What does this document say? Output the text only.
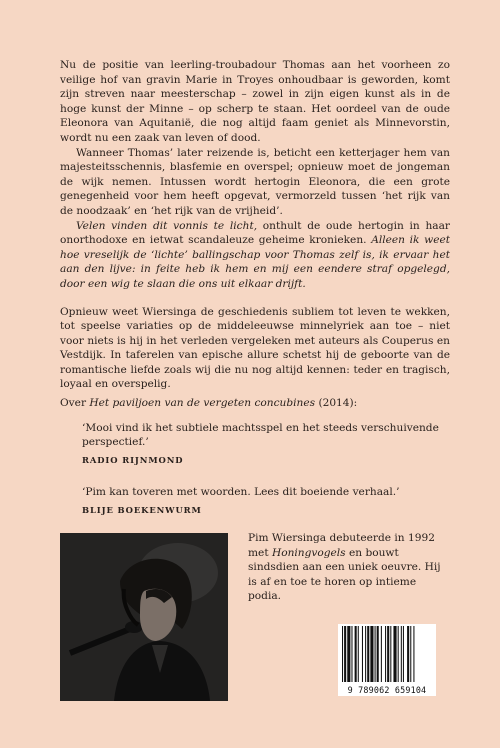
Nu de positie van leerling-troubadour Thomas aan het voorheen zo veilige hof van gravin Marie in Troyes onhoudbaar is geworden, komt zijn streven naar meesterschap – zowel in zijn eigen kunst als in de hoge kunst der Minne – op scherp te staan. Het oordeel van de oude Eleonora van Aquitanië, die nog altijd faam geniet als Minnevorstin, wordt nu een zaak van leven of dood.

Wanneer Thomas’ later reizende is, beticht een ketterjager hem van majesteitsschennis, blasfemie en overspel; opnieuw moet de jongeman de wijk nemen. Intussen wordt hertogin Eleonora, die een grote genegenheid voor hem heeft opgevat, vermorzeld tussen ‘het rijk van de noodzaak’ en ‘het rijk van de vrijheid’.

Velen vinden dit vonnis te licht, onthult de oude hertogin in haar onorthodoxe en ietwat scandaleuze geheime kronieken. Alleen ik weet hoe vreselijk de ‘lichte’ ballingschap voor Thomas zelf is, ik ervaar het aan den lijve: in feite heb ik hem en mij een eendere straf opgelegd, door een wig te slaan die ons uit elkaar drijft.

Opnieuw weet Wiersinga de geschiedenis subliem tot leven te wekken, tot speelse variaties op de middeleeuwse minnelyriek aan toe – niet voor niets is hij in het verleden vergeleken met auteurs als Couperus en Vestdijk. In taferelen van epische allure schetst hij de geboorte van de romantische liefde zoals wij die nu nog altijd kennen: teder en tragisch, loyaal en overspelig.

Over Het paviljoen van de vergeten concubines (2014):

‘Mooi vind ik het subtiele machtsspel en het steeds verschuivende perspectief.’

RADIO RIJNMOND

‘Pim kan toveren met woorden. Lees dit boeiende verhaal.’

BLIJE BOEKENWURM
Pim Wiersinga debuteerde in 1992 met Honingvogels en bouwt sindsdien aan een uniek oeuvre. Hij is af en toe te horen op intieme podia.
9 789062 659104
